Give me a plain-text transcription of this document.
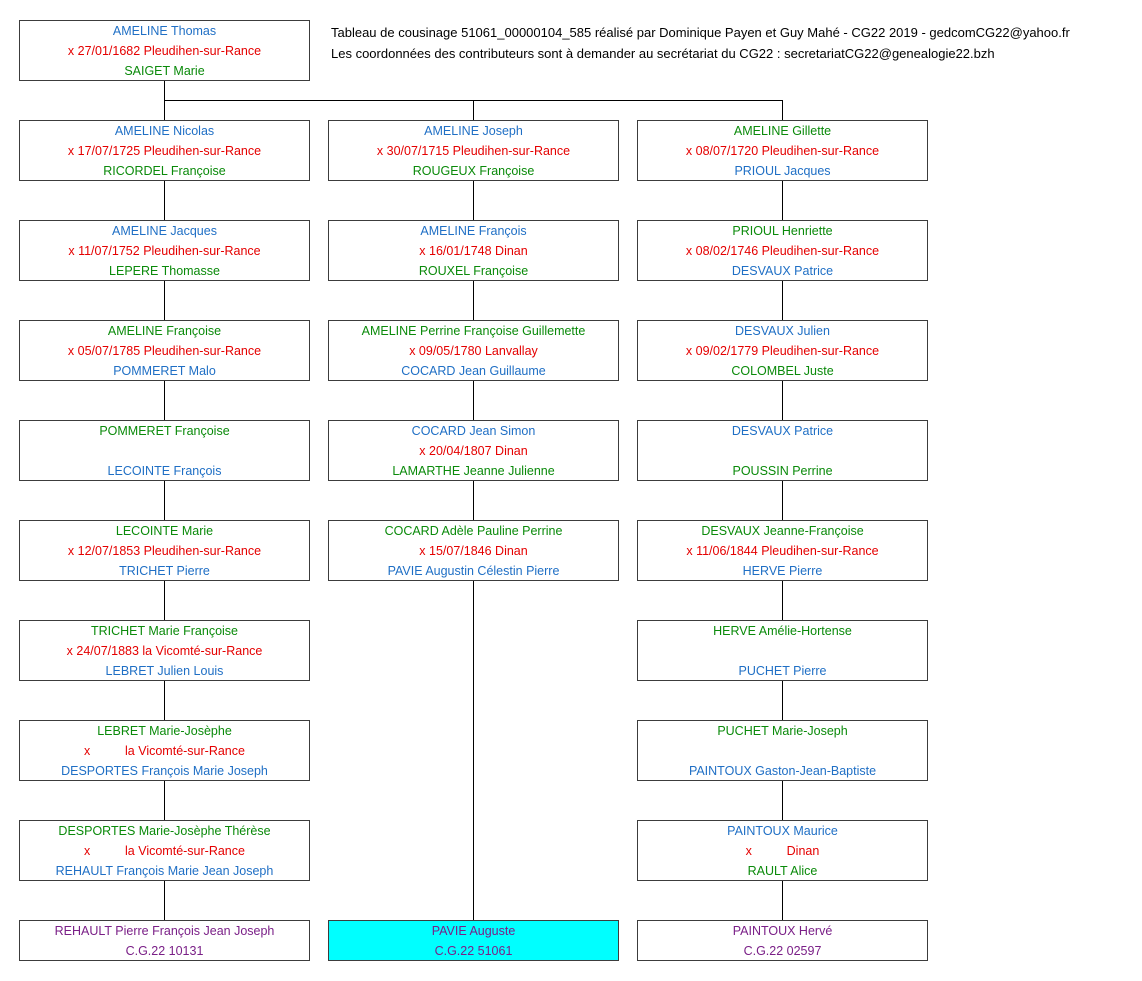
Tableau de cousinage 51061_00000104_585 réalisé par Dominique Payen et Guy Mahé - CG22 2019 - gedcomCG22@yahoo.fr
Les coordonnées des contributeurs sont à demander au secrétariat du CG22 : secretariatCG22@genealogie22.bzh
AMELINE Thomas
x 27/01/1682 Pleudihen-sur-Rance
SAIGET Marie
AMELINE Nicolas
x 17/07/1725 Pleudihen-sur-Rance
RICORDEL Françoise
AMELINE Jacques
x 11/07/1752 Pleudihen-sur-Rance
LEPERE Thomasse
AMELINE Françoise
x 05/07/1785 Pleudihen-sur-Rance
POMMERET Malo
POMMERET Françoise
LECOINTE François
LECOINTE Marie
x 12/07/1853 Pleudihen-sur-Rance
TRICHET Pierre
TRICHET Marie Françoise
x 24/07/1883 la Vicomté-sur-Rance
LEBRET Julien Louis
LEBRET Marie-Josèphe
x          la Vicomté-sur-Rance
DESPORTES François Marie Joseph
DESPORTES Marie-Josèphe Thérèse
x          la Vicomté-sur-Rance
REHAULT François Marie Jean Joseph
REHAULT Pierre François Jean Joseph
C.G.22 10131
AMELINE Joseph
x 30/07/1715 Pleudihen-sur-Rance
ROUGEUX Françoise
AMELINE François
x 16/01/1748 Dinan
ROUXEL Françoise
AMELINE Perrine Françoise Guillemette
x 09/05/1780 Lanvallay
COCARD Jean Guillaume
COCARD Jean Simon
x 20/04/1807 Dinan
LAMARTHE Jeanne Julienne
COCARD Adèle Pauline Perrine
x 15/07/1846 Dinan
PAVIE Augustin Célestin Pierre
PAVIE Auguste
C.G.22 51061
AMELINE Gillette
x 08/07/1720 Pleudihen-sur-Rance
PRIOUL Jacques
PRIOUL Henriette
x 08/02/1746 Pleudihen-sur-Rance
DESVAUX Patrice
DESVAUX Julien
x 09/02/1779 Pleudihen-sur-Rance
COLOMBEL Juste
DESVAUX Patrice
POUSSIN Perrine
DESVAUX Jeanne-Françoise
x 11/06/1844 Pleudihen-sur-Rance
HERVE Pierre
HERVE Amélie-Hortense
PUCHET Pierre
PUCHET Marie-Joseph
PAINTOUX Gaston-Jean-Baptiste
PAINTOUX Maurice
x          Dinan
RAULT Alice
PAINTOUX Hervé
C.G.22 02597
